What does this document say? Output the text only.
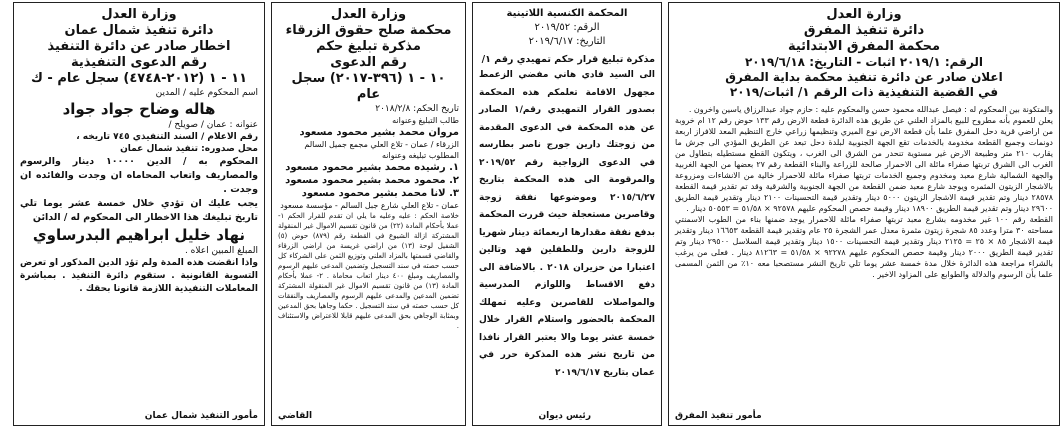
وزارة العدل
دائرة تنفيذ المفرق
محكمة المفرق الابتدائية
الرقم: ٢٠١٩/١ اثبات - التاريخ: ٢٠١٩/٦/١٨
اعلان صادر عن دائرة تنفيذ محكمة بداية المفرق
في القضية التنفيذية ذات الرقم ١/ اثبات/٢٠١٩

والمتكونة بين المحكوم له : فيصل عبدالله محمود حسن والمحكوم عليه : حازم جواد عبدالرزاق ياسين واخرون .

يعلن للعموم بأنه مطروح للبيع بالمزاد العلني عن طريق هذه الدائرة قطعة الارض رقم ١٣٣ حوض رقم ١٢ ام خروبة من اراضي قرية دحل المفرق علما بأن قطعة الارض نوع الميري وتنظيمها زراعي خارج التنظيم المعد للافراز اربعة دونمات وجميع القطعة مخدومة بالخدمات تقع الجهة الجنوبية لبلدة دحل تبعد عن الطريق المؤدي الى جرش ما يقارب ٢١٠ متر وطبيعة الارض غير مستوية تنحدر من الشرق الى الغرب ، ويتكون القطع مستطيله بتطاول من الغرب الى الشرق تربتها صفراء مائلة الى الاحمرار صالحة للزراعة والبناء القطعة رقم ٢٧ بعضها من الجهة الغربية والجهة الشمالية شارع معبد ومخدوم وجميع الخدمات تربتها صفراء مائلة للاحمرار خالية من الانشاءات ومزروعة بالاشجار الزيتون المثمره ويوجد شارع معبد ضمن القطعة من الجهة الجنوبية والشرقية وقد تم تقدير قيمة القطعة ٢٨٥٧٨ دينار وتم تقدير قيمة الاشجار الزيتون ٥٠٠٠ دينار وتقدير قيمة التحسينات ٢١٠٠ دينار وتقدير قيمة الطريق ٢٩٦٠٠ دينار وتم تقدير قيمة الطريق ١٨٩٠٠ دينار وقيمة حصص المحكوم عليهم ٩٢٥٧٨ × ٥١/٥٨ = ٥٠٥٥٣ دينار .

القطعة رقم ١٠٠ غير مخدومه بشارع معبد تربتها صفراء مائلة للاحمرار يوجد ضمنها بناء من الطوب الاسمنتي مساحته ٣٠ مترا وعدد ٨٥ شجرة زيتون مثمرة معدل عمر الشجرة ٢٥ عام وتقدير قيمة القطعة ١٦٦٥٣ دينار وتقدير قيمة الاشجار ٨٥ × ٢٥ = ٢١٢٥ دينار وتقدير قيمة التحسينات ١٥٠٠ دينار وتقدير قيمة السلاسل ٢٩٥٠٠ دينار وتم تقدير قيمة الطريق ٢٠٠٠ دينار وقيمة حصص المحكوم عليهم ٩٢٢٧٨ × ٥١/٥٨ = ٨١٢٦٣ دينار . فعلى من يرغب بالشراء مراجعة هذه الدائرة خلال مدة خمسة عشر يوما تلي تاريخ النشر مستصحبا معه ١٠٪ من الثمن المسمى علما بأن الرسوم والدلالة والطوابع على المزاود الاخير .

مأمور تنفيذ المفرق
المحكمة الكنسية اللاتينية
الرقم: ٢٠١٩/٥٢
التاريخ: ٢٠١٩/٦/١٧
مذكرة تبليغ قرار حكم تمهيدي رقم ١/

الى السيد فادي هاني مفضي الزعمط مجهول الاقامة تعلمكم هذه المحكمة بصدور القرار التمهيدي رقم/١ الصادر عن هذه المحكمة في الدعوى المقدمة من زوجتك دارين جورج ناصر بطارسه في الدعوى الزواجية رقم ٢٠١٩/٥٢ والمرقومة الى هذه المحكمة بتاريخ ٢٠١٥/٦/٢٧ وموضوعها نفقة زوجة وقاصرين مستعجلة حيث قررت المحكمة بدفع نفقة مقدارها اربعمائة دينار شهريا للزوجة دارين وللطفلين فهد وتالين اعتبارا من حزيران ٢٠١٨ . بالاضافة الى دفع الاقساط واللوازم المدرسية والمواصلات للقاصرين وعليه تمهلك المحكمة بالحضور واستلام القرار خلال خمسة عشر يوما والا يعتبر القرار نافذا من تاريخ نشر هذه المذكرة حرر في عمان بتاريخ ٢٠١٩/٦/١٧

رئيس ديوان
وزارة العدل
محكمة صلح حقوق الزرقاء
مذكرة تبليغ حكم
رقم الدعوى
١٠ - ١ (٣٩٦-٢٠١٧) سجل عام
تاريخ الحكم: ٢٠١٨/٢/٨
طالب التبليغ وعنوانه
مروان محمد بشير محمود مسعود
الزرقاء / عمان - تلاع العلي مجمع جميل السالم
المطلوب تبليغه وعنوانه
١. رشيده محمد بشير محمود مسعود
٢. محمود محمد بشير محمود مسعود
٣. لانا محمد بشير محمود مسعود
عمان - تلاع العلي شارع جبل السالم - مؤسسة مسعود

خلاصة الحكم : عليه وعليه ما يلي ان تقدم للقرار الحكم ١- عملا بأحكام المادة (٢٢) من قانون تقسيم الاموال غير المنقولة المشتركة ازالة الشيوع في القطعة رقم (٨٧٩) حوض (٥) الشفيل لوحة (١٣) من اراضي غريسة من اراضي الزرقاء والقاضي قسمتها بالمزاد العلني وتوزيع الثمن على الشركاء كل حسب حصته في سند التسجيل وتضمين المدعى عليهم الرسوم والمصاريف ومبلغ ٤٠٠ دينار اتعاب محاماة . ٢- عملا بأحكام المادة (١٣) من قانون تقسيم الاموال غير المنقولة المشتركة تضمين المدعين والمدعى عليهم الرسوم والمصاريف والنفقات كل حسب حصته في سند التسجيل . حكما وجاهيا بحق المدعين وبمثابة الوجاهي بحق المدعى عليهم قابلا للاعتراض والاستئناف .

القاضي
وزارة العدل
دائرة تنفيذ شمال عمان
اخطار صادر عن دائرة التنفيذ
رقم الدعوى التنفيذية
١١ - ١ (٢٠١٢-٤٧٤٨) سجل عام - ك
اسم المحكوم عليه / المدين
هاله وضاح جواد جواد
عنوانه : عمان / صويلح /
رقم الاعلام / السند التنفيذي ٧٤٥ تاريخه ،
محل صدوره: تنفيذ شمال عمان

المحكوم به / الدين ١٠٠٠٠ دينار والرسوم والمصاريف واتعاب المحاماه ان وجدت والفائده ان وجدت .

يجب عليك ان تؤدي خلال خمسة عشر يوما تلي تاريخ تبليغك هذا الاخطار الى المحكوم له / الدائن

نهاد خليل ابراهيم البدرساوي
المبلغ المبين اعلاه .

واذا انقضت هذه المدة ولم تؤد الدين المذكور او تعرض التسوية القانونية . ستقوم دائرة التنفيذ . بمباشرة المعاملات التنفيذية اللازمة قانونا بحقك .

مأمور التنفيذ شمال عمان
